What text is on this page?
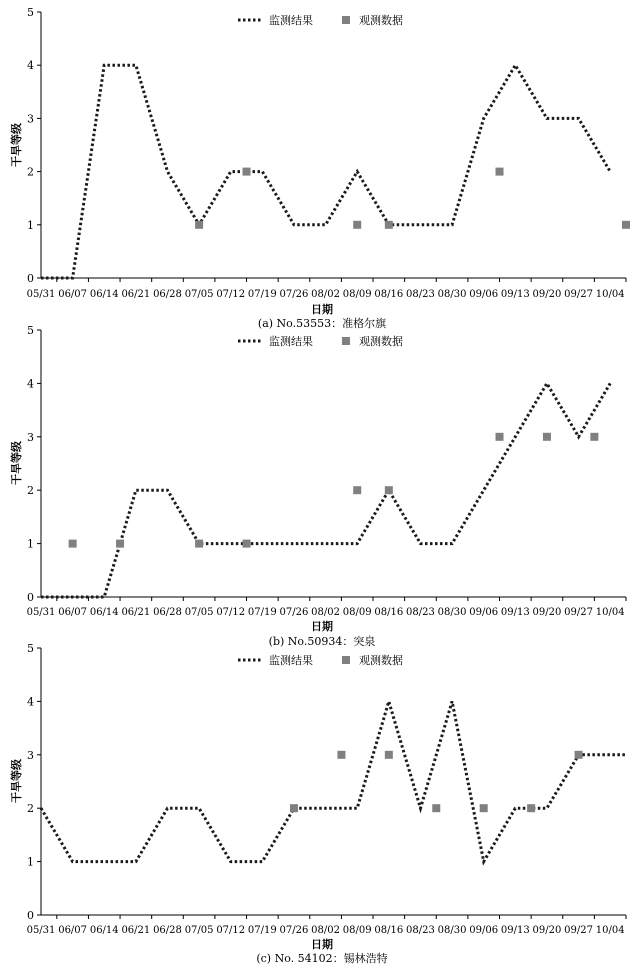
0
1
2
3
4
5
05/31 06/07 06/14 06/21 06/28 07/05 07/12 07/19 07/26 08/02 08/09 08/16 08/23 08/30 09/06 09/13 09/20 09/27 10/04
干旱等级
日期
(a) No.53553：准格尔旗
监测结果	观测数据
0
1
2
3
4
5
05/31 06/07 06/14 06/21 06/28 07/05 07/12 07/19 07/26 08/02 08/09 08/16 08/23 08/30 09/06 09/13 09/20 09/27 10/04
干旱等级
日期
(b) No.50934：突泉
监测结果	观测数据
0
1
2
3
4
5
05/31 06/07 06/14 06/21 06/28 07/05 07/12 07/19 07/26 08/02 08/09 08/16 08/23 08/30 09/06 09/13 09/20 09/27 10/04
干旱等级
日期
(c) No. 54102：锡林浩特
监测结果	观测数据
